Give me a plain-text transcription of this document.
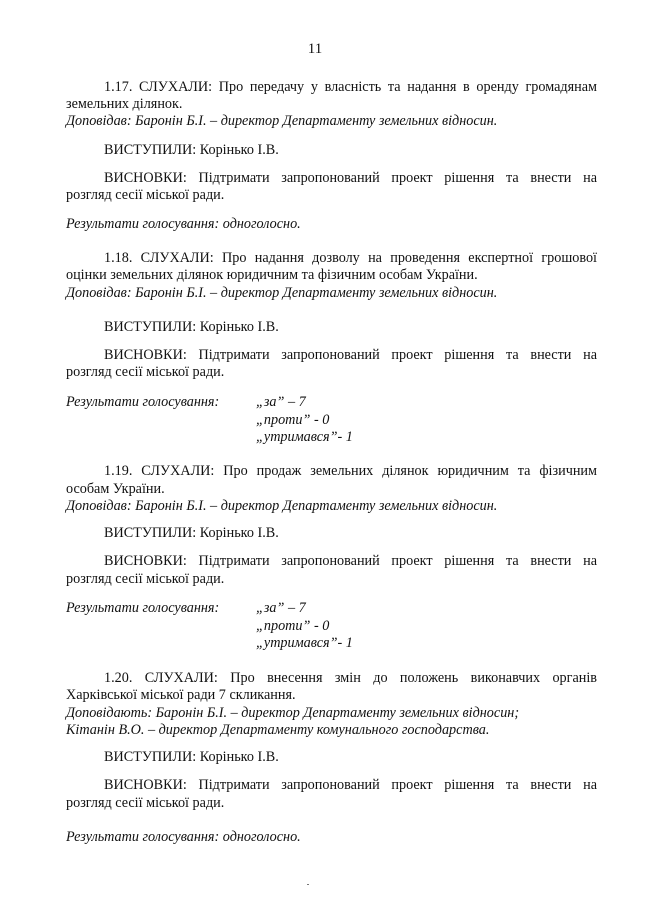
11
1.17. СЛУХАЛИ: Про передачу у власність та надання в оренду громадянам
земельних ділянок.
Доповідав: Баронін Б.І. – директор Департаменту земельних відносин.
ВИСТУПИЛИ: Корінько І.В.
ВИСНОВКИ: Підтримати запропонований проект рішення та внести на
розгляд сесії міської ради.
Результати голосування: одноголосно.
1.18. СЛУХАЛИ: Про надання дозволу на проведення експертної грошової
оцінки земельних ділянок юридичним та фізичним особам України.
Доповідав: Баронін Б.І. – директор Департаменту земельних відносин.
ВИСТУПИЛИ: Корінько І.В.
ВИСНОВКИ: Підтримати запропонований проект рішення та внести на
розгляд сесії міської ради.
Результати голосування:	„за” – 7
„проти” - 0
„утримався”- 1
1.19. СЛУХАЛИ: Про продаж земельних ділянок юридичним та фізичним
особам України.
Доповідав: Баронін Б.І. – директор Департаменту земельних відносин.
ВИСТУПИЛИ: Корінько І.В.
ВИСНОВКИ: Підтримати запропонований проект рішення та внести на
розгляд сесії міської ради.
Результати голосування:	„за” – 7
„проти” - 0
„утримався”- 1
1.20. СЛУХАЛИ: Про внесення змін до положень виконавчих органів
Харківської міської ради 7 скликання.
Доповідають: Баронін Б.І. – директор Департаменту земельних відносин;
Кітанін В.О. – директор Департаменту комунального господарства.
ВИСТУПИЛИ: Корінько І.В.
ВИСНОВКИ: Підтримати запропонований проект рішення та внести на
розгляд сесії міської ради.
Результати голосування: одноголосно.
